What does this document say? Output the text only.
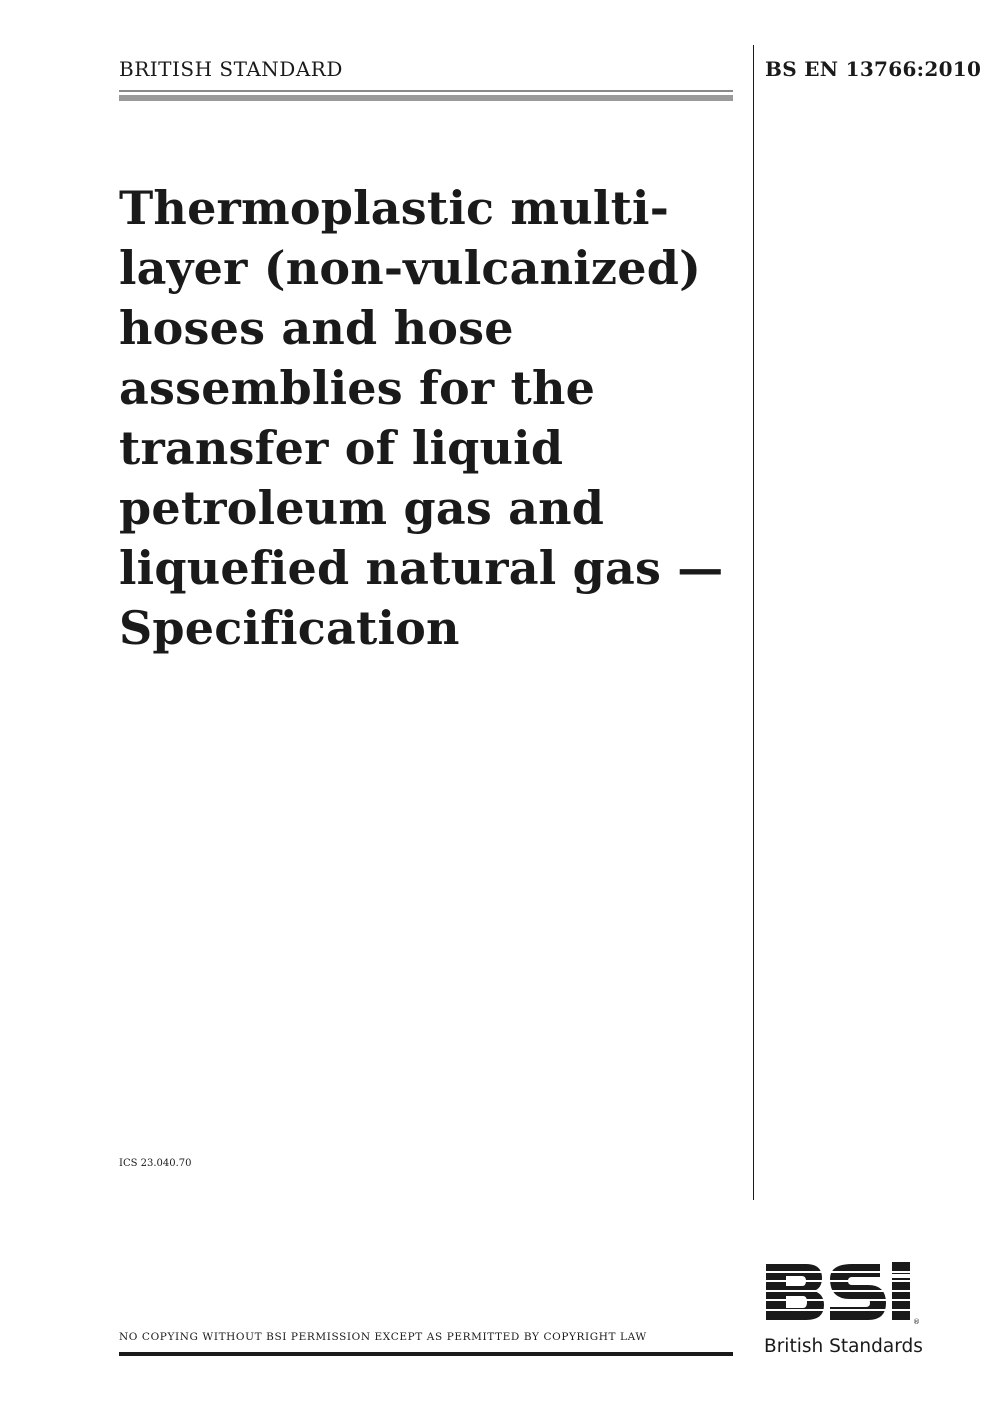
BRITISH STANDARD	BS EN 13766:2010
Thermoplastic multi-
layer (non-vulcanized)
hoses and hose
assemblies for the
transfer of liquid
petroleum gas and
liquefied natural gas —
Specification
ICS 23.040.70
NO COPYING WITHOUT BSI PERMISSION EXCEPT AS PERMITTED BY COPYRIGHT LAW
®
British Standards
